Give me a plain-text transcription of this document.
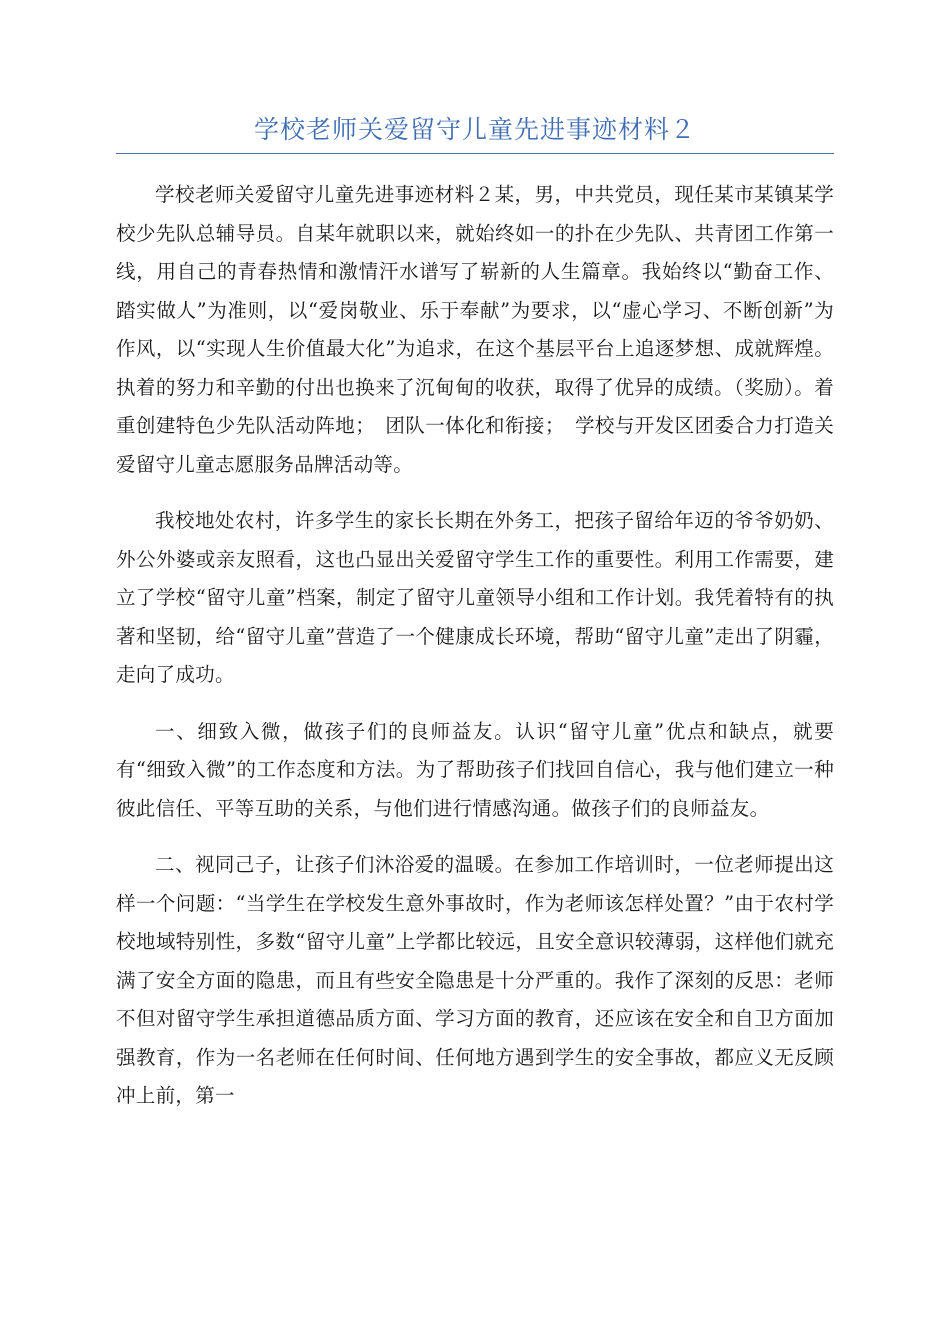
学校老师关爱留守儿童先进事迹材料２

学校老师关爱留守儿童先进事迹材料２某，男，中共党员，现任某市某镇某学校少先队总辅导员。自某年就职以来，就始终如一的扑在少先队、共青团工作第一线，用自己的青春热情和激情汗水谱写了崭新的人生篇章。我始终以“勤奋工作、踏实做人”为准则，以“爱岗敬业、乐于奉献”为要求，以“虚心学习、不断创新”为作风，以“实现人生价值最大化”为追求，在这个基层平台上追逐梦想、成就辉煌。执着的努力和辛勤的付出也换来了沉甸甸的收获，取得了优异的成绩。（奖励）。着重创建特色少先队活动阵地；　团队一体化和衔接；　学校与开发区团委合力打造关爱留守儿童志愿服务品牌活动等。

我校地处农村，许多学生的家长长期在外务工，把孩子留给年迈的爷爷奶奶、外公外婆或亲友照看，这也凸显出关爱留守学生工作的重要性。利用工作需要，建立了学校“留守儿童”档案，制定了留守儿童领导小组和工作计划。我凭着特有的执著和坚韧，给“留守儿童”营造了一个健康成长环境，帮助“留守儿童”走出了阴霾，走向了成功。

一、细致入微，做孩子们的良师益友。认识“留守儿童”优点和缺点，就要有“细致入微”的工作态度和方法。为了帮助孩子们找回自信心，我与他们建立一种彼此信任、平等互助的关系，与他们进行情感沟通。做孩子们的良师益友。

二、视同己子，让孩子们沐浴爱的温暖。在参加工作培训时，一位老师提出这样一个问题：“当学生在学校发生意外事故时，作为老师该怎样处置？”由于农村学校地域特别性，多数“留守儿童”上学都比较远，且安全意识较薄弱，这样他们就充满了安全方面的隐患，而且有些安全隐患是十分严重的。我作了深刻的反思：老师不但对留守学生承担道德品质方面、学习方面的教育，还应该在安全和自卫方面加强教育，作为一名老师在任何时间、任何地方遇到学生的安全事故，都应义无反顾冲上前，第一
